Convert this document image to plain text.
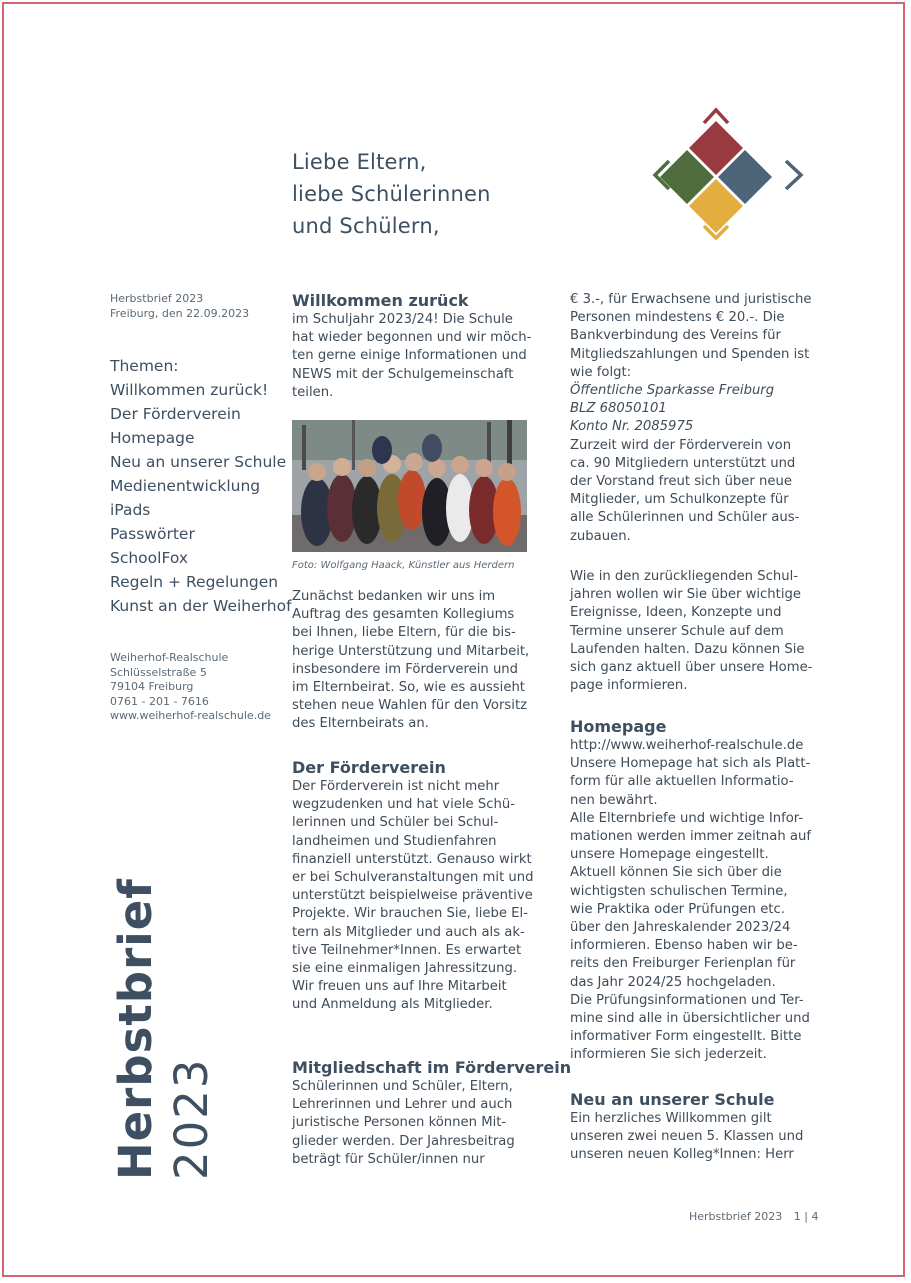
Liebe Eltern,
liebe Schülerinnen
und Schülern,
Herbstbrief 2023
Freiburg, den 22.09.2023
Themen:
Willkommen zurück!
Der Förderverein
Homepage
Neu an unserer Schule
Medienentwicklung
iPads
Passwörter
SchoolFox
Regeln + Regelungen
Kunst an der Weiherhof
Weiherhof-Realschule
Schlüsselstraße 5
79104 Freiburg
0761 - 201 - 7616
www.weiherhof-realschule.de
Herbstbrief 2023
Willkommen zurück

im Schuljahr 2023/24! Die Schule

hat wieder begonnen und wir möch-

ten gerne einige Informationen und

NEWS mit der Schulgemeinschaft

teilen.

Foto: Wolfgang Haack, Künstler aus Herdern

Zunächst bedanken wir uns im

Auftrag des gesamten Kollegiums

bei Ihnen, liebe Eltern, für die bis-

herige Unterstützung und Mitarbeit,

insbesondere im Förderverein und

im Elternbeirat. So, wie es aussieht

stehen neue Wahlen für den Vorsitz

des Elternbeirats an.

Der Förderverein

Der Förderverein ist nicht mehr

wegzudenken und hat viele Schü-

lerinnen und Schüler bei Schul-

landheimen und Studienfahren

finanziell unterstützt. Genauso wirkt

er bei Schulveranstaltungen mit und

unterstützt beispielweise präventive

Projekte. Wir brauchen Sie, liebe El-

tern als Mitglieder und auch als ak-

tive Teilnehmer*Innen. Es erwartet

sie eine einmaligen Jahressitzung.

Wir freuen uns auf Ihre Mitarbeit

und Anmeldung als Mitglieder.

Mitgliedschaft im Förderverein

Schülerinnen und Schüler, Eltern,

Lehrerinnen und Lehrer und auch

juristische Personen können Mit-

glieder werden. Der Jahresbeitrag

beträgt für Schüler/innen nur

€ 3.-, für Erwachsene und juristische

Personen mindestens € 20.-. Die

Bankverbindung des Vereins für

Mitgliedszahlungen und Spenden ist

wie folgt:

Öffentliche Sparkasse Freiburg

BLZ 68050101

Konto Nr. 2085975

Zurzeit wird der Förderverein von

ca. 90 Mitgliedern unterstützt und

der Vorstand freut sich über neue

Mitglieder, um Schulkonzepte für

alle Schülerinnen und Schüler aus-

zubauen.

Wie in den zurückliegenden Schul-

jahren wollen wir Sie über wichtige

Ereignisse, Ideen, Konzepte und

Termine unserer Schule auf dem

Laufenden halten. Dazu können Sie

sich ganz aktuell über unsere Home-

page informieren.

Homepage

http://www.weiherhof-realschule.de

Unsere Homepage hat sich als Platt-

form für alle aktuellen Informatio-

nen bewährt.

Alle Elternbriefe und wichtige Infor-

mationen werden immer zeitnah auf

unsere Homepage eingestellt.

Aktuell können Sie sich über die

wichtigsten schulischen Termine,

wie Praktika oder Prüfungen etc.

über den Jahreskalender 2023/24

informieren. Ebenso haben wir be-

reits den Freiburger Ferienplan für

das Jahr 2024/25 hochgeladen.

Die Prüfungsinformationen und Ter-

mine sind alle in übersichtlicher und

informativer Form eingestellt. Bitte

informieren Sie sich jederzeit.

Neu an unserer Schule

Ein herzliches Willkommen gilt

unseren zwei neuen 5. Klassen und

unseren neuen Kolleg*Innen: Herr

Herbstbrief 2023 1 | 4
